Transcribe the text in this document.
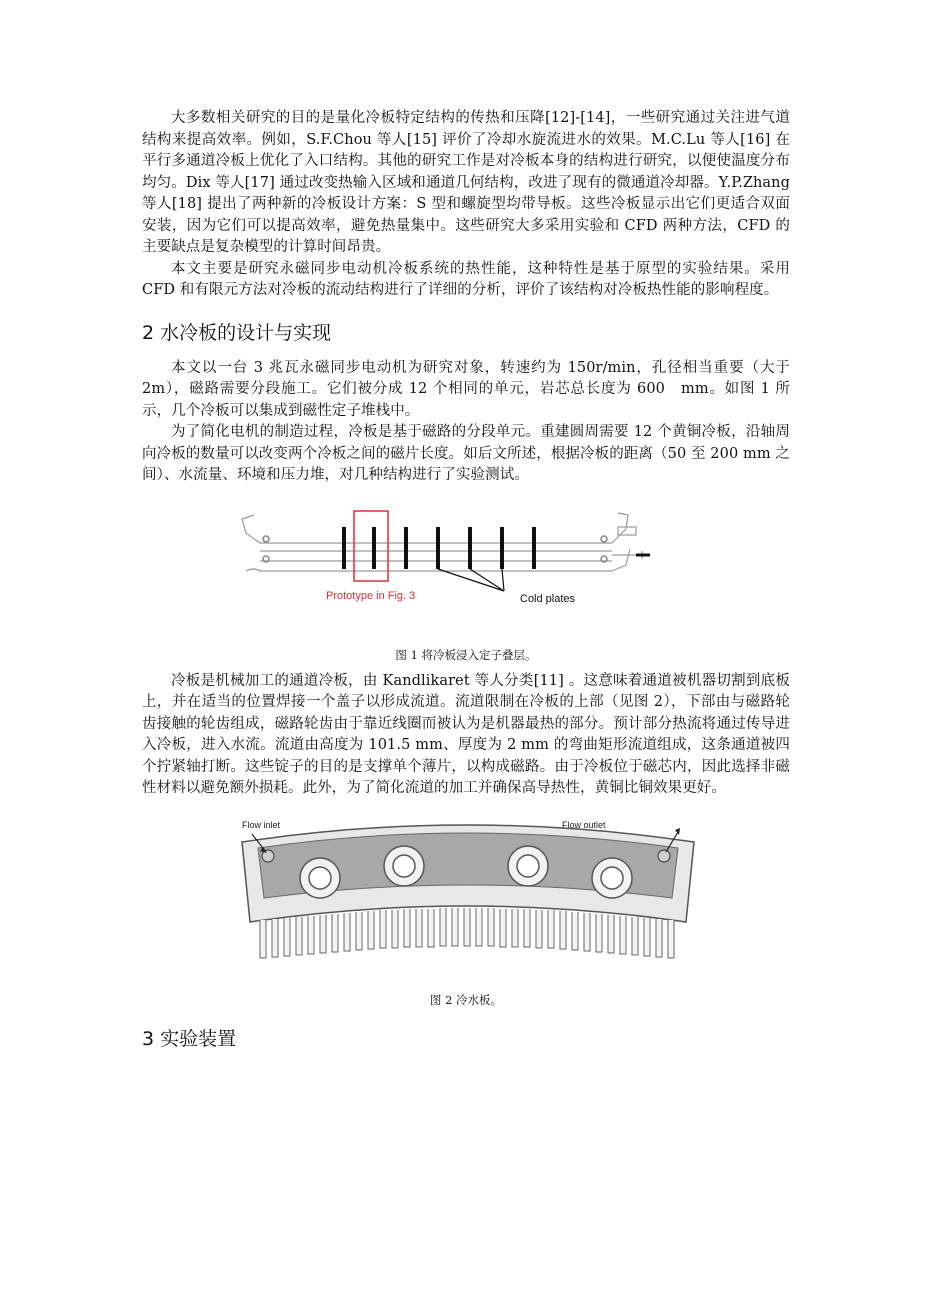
大多数相关研究的目的是量化冷板特定结构的传热和压降[12]-[14]，一些研究通过关注进气道结构来提高效率。例如，S.F.Chou 等人[15] 评价了冷却水旋流进水的效果。M.C.Lu 等人[16] 在平行多通道冷板上优化了入口结构。其他的研究工作是对冷板本身的结构进行研究，以便使温度分布均匀。Dix 等人[17] 通过改变热输入区域和通道几何结构，改进了现有的微通道冷却器。Y.P.Zhang 等人[18] 提出了两种新的冷板设计方案：S 型和螺旋型均带导板。这些冷板显示出它们更适合双面安装，因为它们可以提高效率，避免热量集中。这些研究大多采用实验和 CFD 两种方法，CFD 的主要缺点是复杂模型的计算时间昂贵。

本文主要是研究永磁同步电动机冷板系统的热性能，这种特性是基于原型的实验结果。采用 CFD 和有限元方法对冷板的流动结构进行了详细的分析，评价了该结构对冷板热性能的影响程度。

2 水冷板的设计与实现

本文以一台 3 兆瓦永磁同步电动机为研究对象，转速约为 150r/min，孔径相当重要（大于 2m），磁路需要分段施工。它们被分成 12 个相同的单元，岩芯总长度为 600　mm。如图 1 所示，几个冷板可以集成到磁性定子堆栈中。

为了简化电机的制造过程，冷板是基于磁路的分段单元。重建圆周需要 12 个黄铜冷板，沿轴周向冷板的数量可以改变两个冷板之间的磁片长度。如后文所述，根据冷板的距离（50 至 200 mm 之间）、水流量、环境和压力堆，对几种结构进行了实验测试。

Prototype in Fig. 3	Cold plates
图 1 将冷板浸入定子叠层。

冷板是机械加工的通道冷板，由 Kandlikaret 等人分类[11] 。这意味着通道被机器切割到底板上，并在适当的位置焊接一个盖子以形成流道。流道限制在冷板的上部（见图 2），下部由与磁路轮齿接触的轮齿组成，磁路轮齿由于靠近线圈而被认为是机器最热的部分。预计部分热流将通过传导进入冷板，进入水流。流道由高度为 101.5 mm、厚度为 2 mm 的弯曲矩形流道组成，这条通道被四个拧紧轴打断。这些锭子的目的是支撑单个薄片，以构成磁路。由于冷板位于磁芯内，因此选择非磁性材料以避免额外损耗。此外，为了简化流道的加工并确保高导热性，黄铜比铜效果更好。

Flow inlet	Flow outlet
图 2 冷水板。
3 实验装置
